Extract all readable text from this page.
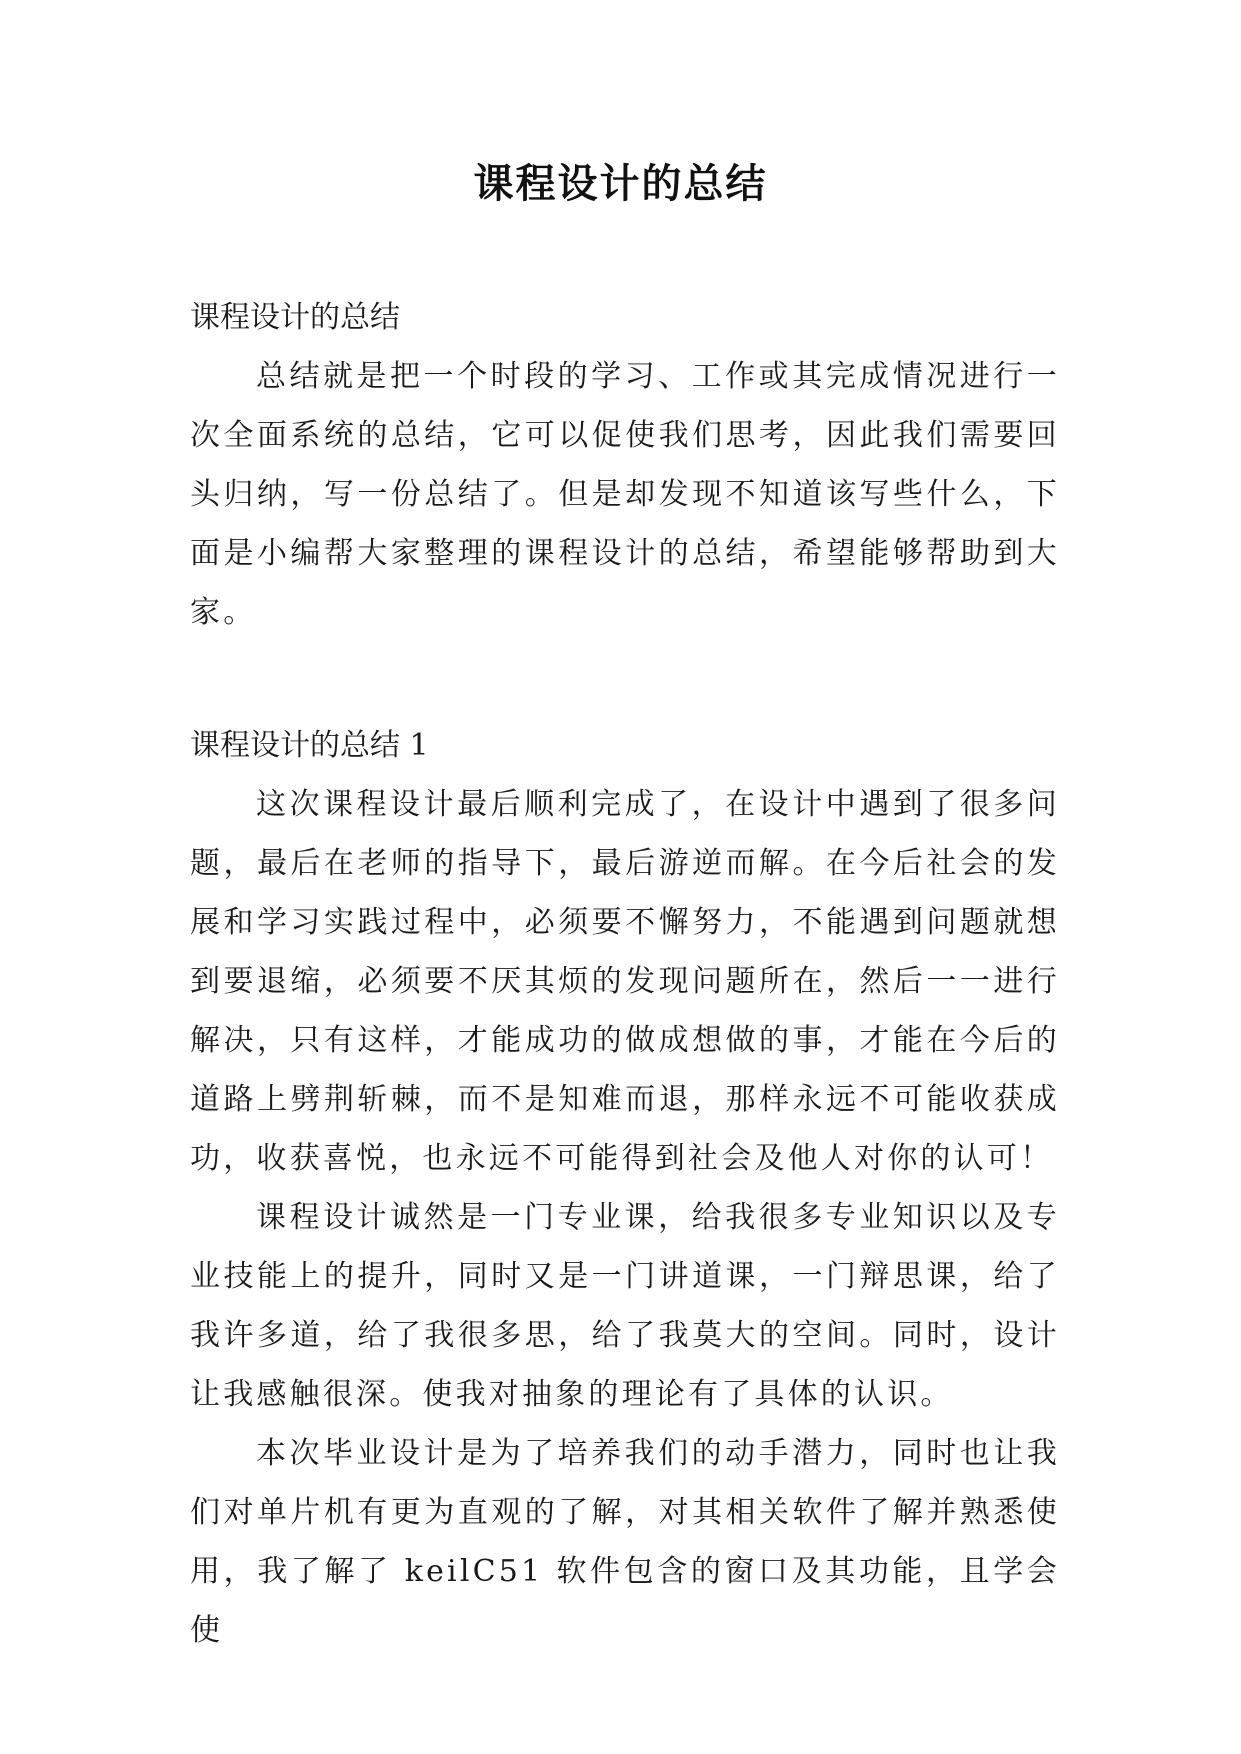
课程设计的总结

课程设计的总结

总结就是把一个时段的学习、工作或其完成情况进行一次全面系统的总结，它可以促使我们思考，因此我们需要回头归纳，写一份总结了。但是却发现不知道该写些什么，下面是小编帮大家整理的课程设计的总结，希望能够帮助到大家。

课程设计的总结 1

这次课程设计最后顺利完成了，在设计中遇到了很多问题，最后在老师的指导下，最后游逆而解。在今后社会的发展和学习实践过程中，必须要不懈努力，不能遇到问题就想到要退缩，必须要不厌其烦的发现问题所在，然后一一进行解决，只有这样，才能成功的做成想做的事，才能在今后的道路上劈荆斩棘，而不是知难而退，那样永远不可能收获成功，收获喜悦，也永远不可能得到社会及他人对你的认可！

课程设计诚然是一门专业课，给我很多专业知识以及专业技能上的提升，同时又是一门讲道课，一门辩思课，给了我许多道，给了我很多思，给了我莫大的空间。同时，设计让我感触很深。使我对抽象的理论有了具体的认识。

本次毕业设计是为了培养我们的动手潜力，同时也让我们对单片机有更为直观的了解，对其相关软件了解并熟悉使用，我了解了 keilC51 软件包含的窗口及其功能，且学会使
